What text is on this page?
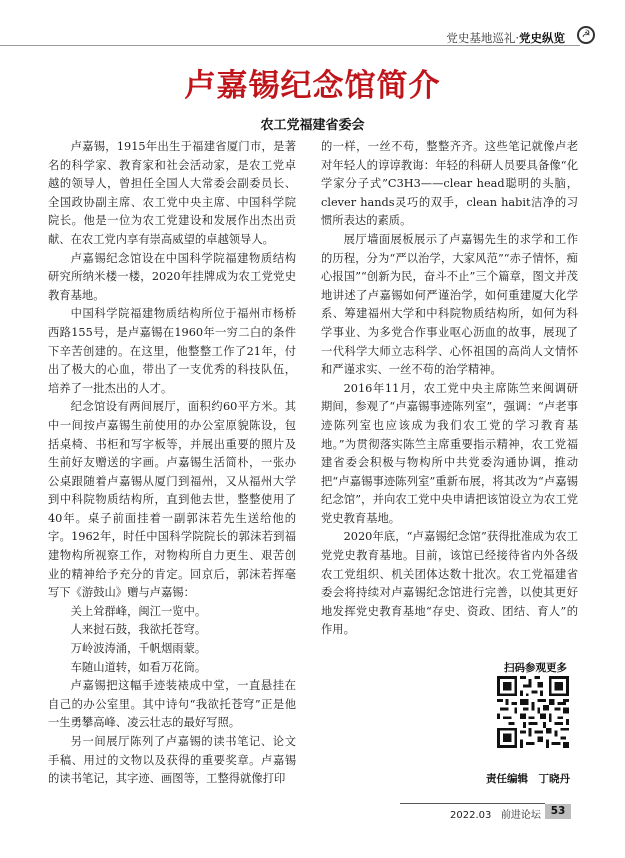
党史基地巡礼·党史纵览	☭
卢嘉锡纪念馆简介
农工党福建省委会

卢嘉锡，1915年出生于福建省厦门市，是著名的科学家、教育家和社会活动家，是农工党卓越的领导人，曾担任全国人大常委会副委员长、全国政协副主席、农工党中央主席、中国科学院院长。他是一位为农工党建设和发展作出杰出贡献、在农工党内享有崇高威望的卓越领导人。

卢嘉锡纪念馆设在中国科学院福建物质结构研究所纳米楼一楼，2020年挂牌成为农工党党史教育基地。

中国科学院福建物质结构所位于福州市杨桥西路155号，是卢嘉锡在1960年一穷二白的条件下辛苦创建的。在这里，他整整工作了21年，付出了极大的心血，带出了一支优秀的科技队伍，培养了一批杰出的人才。

纪念馆设有两间展厅，面积约60平方米。其中一间按卢嘉锡生前使用的办公室原貌陈设，包括桌椅、书柜和写字板等，并展出重要的照片及生前好友赠送的字画。卢嘉锡生活简朴，一张办公桌跟随着卢嘉锡从厦门到福州，又从福州大学到中科院物质结构所，直到他去世，整整使用了40年。桌子前面挂着一副郭沫若先生送给他的字。1962年，时任中国科学院院长的郭沫若到福建物构所视察工作，对物构所自力更生、艰苦创业的精神给予充分的肯定。回京后，郭沫若挥毫写下《游鼓山》赠与卢嘉锡：

关上耸群峰，闽江一览中。

人来挝石鼓，我欲托苍穹。

万岭波涛涌，千帆烟雨蒙。

车随山道转，如看万花筒。

卢嘉锡把这幅手迹装裱成中堂，一直悬挂在自己的办公室里。其中诗句“我欲托苍穹”正是他一生勇攀高峰、凌云壮志的最好写照。

另一间展厅陈列了卢嘉锡的读书笔记、论文手稿、用过的文物以及获得的重要奖章。卢嘉锡的读书笔记，其字迹、画图等，工整得就像打印

的一样，一丝不苟，整整齐齐。这些笔记就像卢老对年轻人的谆谆教诲：年轻的科研人员要具备像“化学家分子式”C3H3——clear head聪明的头脑，clever hands灵巧的双手，clean habit洁净的习惯所表达的素质。

展厅墙面展板展示了卢嘉锡先生的求学和工作的历程，分为“严以治学，大家风范”“赤子情怀，痴心报国”“创新为民，奋斗不止”三个篇章，图文并茂地讲述了卢嘉锡如何严谨治学，如何重建厦大化学系、筹建福州大学和中科院物质结构所，如何为科学事业、为多党合作事业呕心沥血的故事，展现了一代科学大师立志科学、心怀祖国的高尚人文情怀和严谨求实、一丝不苟的治学精神。

2016年11月，农工党中央主席陈竺来闽调研期间，参观了“卢嘉锡事迹陈列室”，强调：“卢老事迹陈列室也应该成为我们农工党的学习教育基地。”为贯彻落实陈竺主席重要指示精神，农工党福建省委会积极与物构所中共党委沟通协调，推动把“卢嘉锡事迹陈列室”重新布展，将其改为“卢嘉锡纪念馆”，并向农工党中央申请把该馆设立为农工党党史教育基地。

2020年底，“卢嘉锡纪念馆”获得批准成为农工党党史教育基地。目前，该馆已经接待省内外各级农工党组织、机关团体达数十批次。农工党福建省委会将持续对卢嘉锡纪念馆进行完善，以使其更好地发挥党史教育基地“存史、资政、团结、育人”的作用。

扫码参观更多
责任编辑　丁晓丹
2022.03 前进论坛 53
